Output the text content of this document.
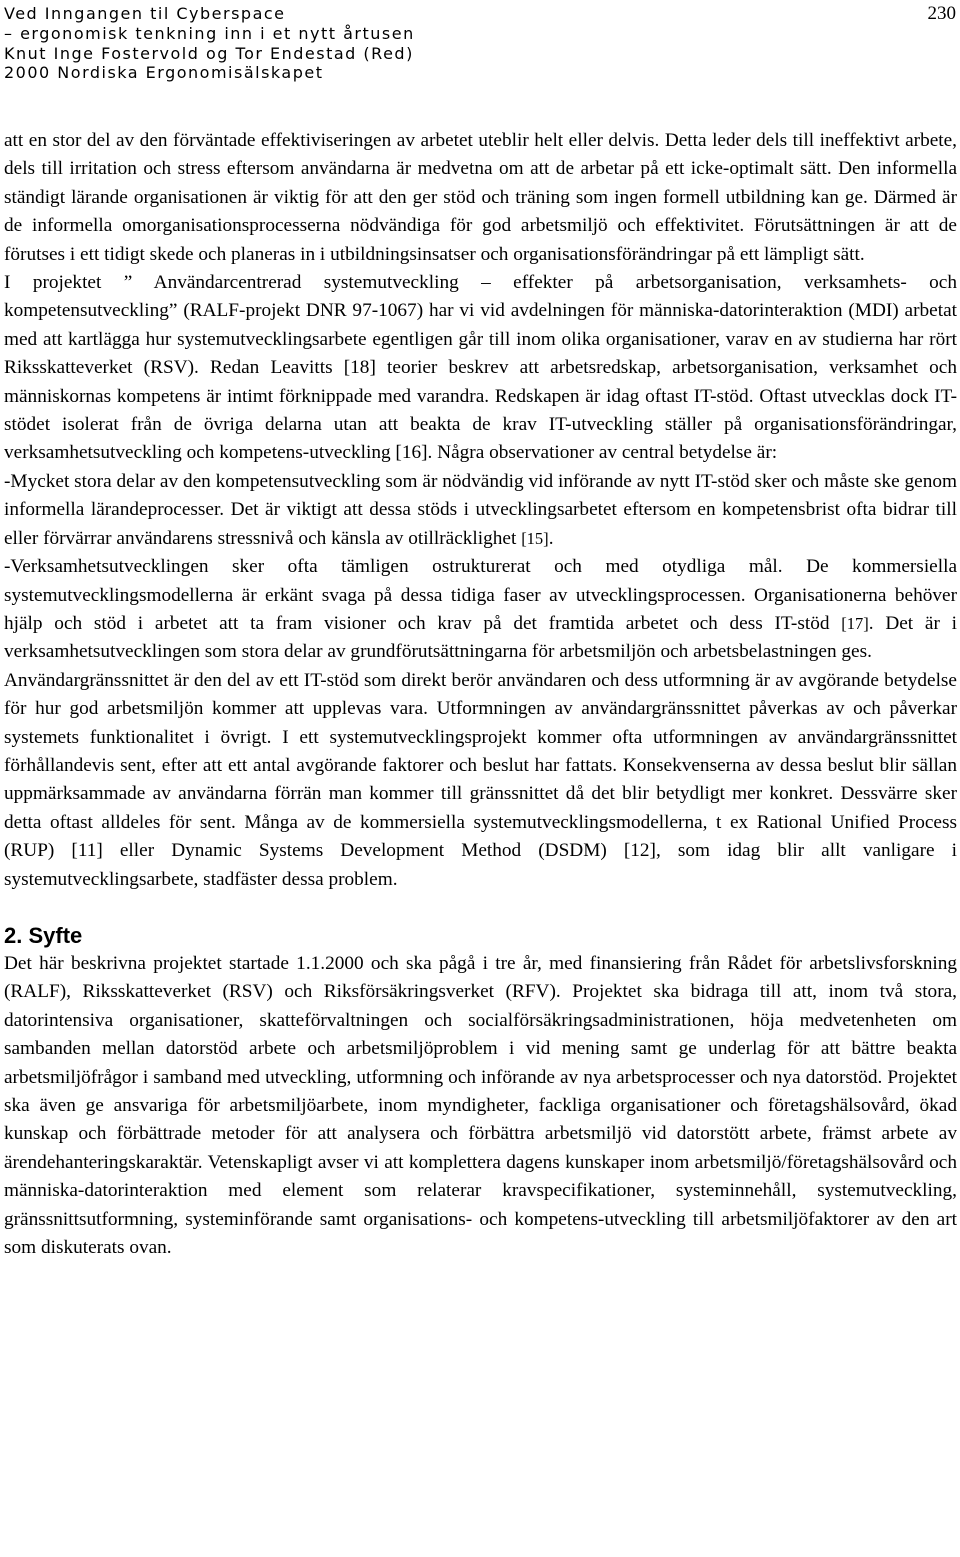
Ved Inngangen til Cyberspace
– ergonomisk tenkning inn i et nytt årtusen
Knut Inge Fostervold og Tor Endestad (Red)
2000 Nordiska Ergonomisälskapet
230

att en stor del av den förväntade effektiviseringen av arbetet uteblir helt eller delvis. Detta leder dels till ineffektivt arbete, dels till irritation och stress eftersom användarna är medvetna om att de arbetar på ett icke-optimalt sätt. Den informella ständigt lärande organisationen är viktig för att den ger stöd och träning som ingen formell utbildning kan ge. Därmed är de informella omorganisationsprocesserna nödvändiga för god arbetsmiljö och effektivitet. Förutsättningen är att de förutses i ett tidigt skede och planeras in i utbildningsinsatser och organisationsförändringar på ett lämpligt sätt.

I projektet ” Användarcentrerad systemutveckling – effekter på arbetsorganisation, verksamhets- och kompetensutveckling” (RALF-projekt DNR 97-1067) har vi vid avdelningen för människa-datorinteraktion (MDI) arbetat med att kartlägga hur systemutvecklingsarbete egentligen går till inom olika organisationer, varav en av studierna har rört Riksskatteverket (RSV). Redan Leavitts [18] teorier beskrev att arbetsredskap, arbetsorganisation, verksamhet och människornas kompetens är intimt förknippade med varandra. Redskapen är idag oftast IT-stöd. Oftast utvecklas dock IT-stödet isolerat från de övriga delarna utan att beakta de krav IT-utveckling ställer på organisationsförändringar, verksamhetsutveckling och kompetens-utveckling [16]. Några observationer av central betydelse är:

-Mycket stora delar av den kompetensutveckling som är nödvändig vid införande av nytt IT-stöd sker och måste ske genom informella lärandeprocesser. Det är viktigt att dessa stöds i utvecklingsarbetet eftersom en kompetensbrist ofta bidrar till eller förvärrar användarens stressnivå och känsla av otillräcklighet [15].

-Verksamhetsutvecklingen sker ofta tämligen ostrukturerat och med otydliga mål. De kommersiella systemutvecklingsmodellerna är erkänt svaga på dessa tidiga faser av utvecklingsprocessen. Organisationerna behöver hjälp och stöd i arbetet att ta fram visioner och krav på det framtida arbetet och dess IT-stöd [17]. Det är i verksamhetsutvecklingen som stora delar av grundförutsättningarna för arbetsmiljön och arbetsbelastningen ges.

Användargränssnittet är den del av ett IT-stöd som direkt berör användaren och dess utformning är av avgörande betydelse för hur god arbetsmiljön kommer att upplevas vara. Utformningen av användargränssnittet påverkas av och påverkar systemets funktionalitet i övrigt. I ett systemutvecklingsprojekt kommer ofta utformningen av användargränssnittet förhållandevis sent, efter att ett antal avgörande faktorer och beslut har fattats. Konsekvenserna av dessa beslut blir sällan uppmärksammade av användarna förrän man kommer till gränssnittet då det blir betydligt mer konkret. Dessvärre sker detta oftast alldeles för sent. Många av de kommersiella systemutvecklingsmodellerna, t ex Rational Unified Process (RUP) [11] eller Dynamic Systems Development Method (DSDM) [12], som idag blir allt vanligare i systemutvecklingsarbete, stadfäster dessa problem.

2. Syfte

Det här beskrivna projektet startade 1.1.2000 och ska pågå i tre år, med finansiering från Rådet för arbetslivsforskning (RALF), Riksskatteverket (RSV) och Riksförsäkringsverket (RFV). Projektet ska bidraga till att, inom två stora, datorintensiva organisationer, skatteförvaltningen och socialförsäkringsadministrationen, höja medvetenheten om sambanden mellan datorstöd arbete och arbetsmiljöproblem i vid mening samt ge underlag för att bättre beakta arbetsmiljöfrågor i samband med utveckling, utformning och införande av nya arbetsprocesser och nya datorstöd. Projektet ska även ge ansvariga för arbetsmiljöarbete, inom myndigheter, fackliga organisationer och företagshälsovård, ökad kunskap och förbättrade metoder för att analysera och förbättra arbetsmiljö vid datorstött arbete, främst arbete av ärendehanteringskaraktär. Vetenskapligt avser vi att komplettera dagens kunskaper inom arbetsmiljö/företagshälsovård och människa-datorinteraktion med element som relaterar kravspecifikationer, systeminnehåll, systemutveckling, gränssnittsutformning, systeminförande samt organisations- och kompetens-utveckling till arbetsmiljöfaktorer av den art som diskuterats ovan.
